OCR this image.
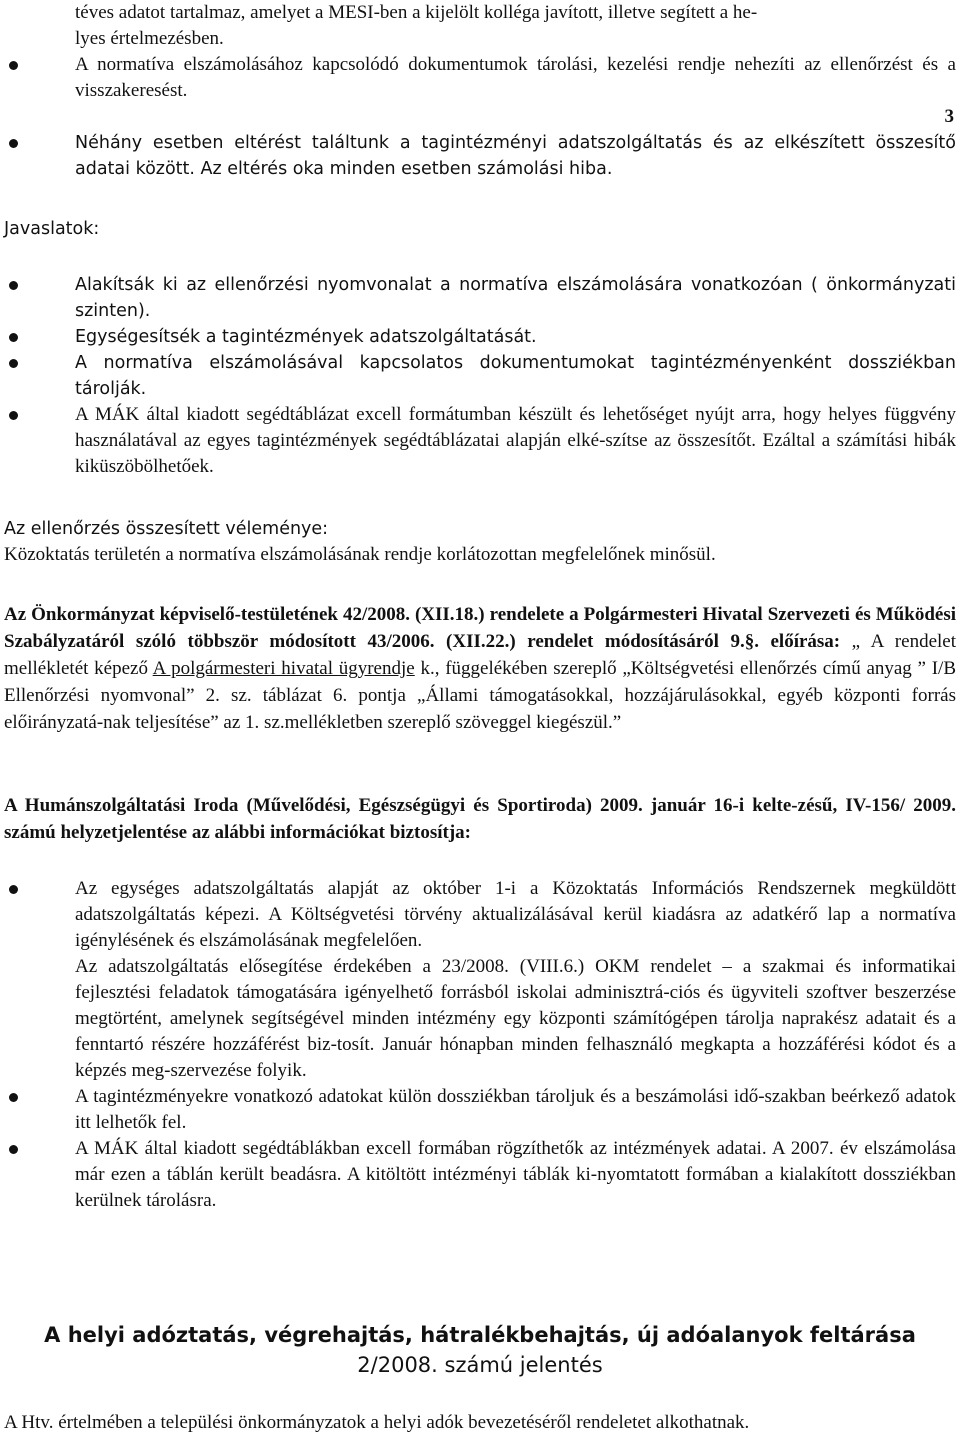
téves adatot tartalmaz, amelyet a MESI-ben a kijelölt kolléga javított, illetve segített a he-
lyes értelmezésben.

A normatíva elszámolásához kapcsolódó dokumentumok tárolási, kezelési rendje nehezíti az ellenőrzést és a visszakeresést.

3

Néhány esetben eltérést találtunk a tagintézményi adatszolgáltatás és az elkészített összesítő adatai között. Az eltérés oka minden esetben számolási hiba.

Javaslatok:

Alakítsák ki az ellenőrzési nyomvonalat a normatíva elszámolására vonatkozóan ( önkormányzati szinten).

Egységesítsék a tagintézmények adatszolgáltatását.

A normatíva elszámolásával kapcsolatos dokumentumokat tagintézményenként dossziékban tárolják.

A MÁK által kiadott segédtáblázat excell formátumban készült és lehetőséget nyújt arra, hogy helyes függvény használatával az egyes tagintézmények segédtáblázatai alapján elké-szítse az összesítőt. Ezáltal a számítási hibák kiküszöbölhetőek.

Az ellenőrzés összesített véleménye:

Közoktatás területén a normatíva elszámolásának rendje korlátozottan megfelelőnek minősül.

Az Önkormányzat képviselő-testületének 42/2008. (XII.18.) rendelete a Polgármesteri Hivatal Szervezeti és Működési Szabályzatáról szóló többször módosított 43/2006. (XII.22.) rendelet módosításáról 9.§. előírása: „ A rendelet mellékletét képező A polgármesteri hivatal ügyrendje k., függelékében szereplő „Költségvetési ellenőrzés című anyag ” I/B Ellenőrzési nyomvonal” 2. sz. táblázat 6. pontja „Állami támogatásokkal, hozzájárulásokkal, egyéb központi forrás előirányzatá-nak teljesítése” az 1. sz.mellékletben szereplő szöveggel kiegészül.”

A Humánszolgáltatási Iroda (Művelődési, Egészségügyi és Sportiroda) 2009. január 16-i kelte-zésű, IV-156/ 2009. számú helyzetjelentése az alábbi információkat biztosítja:

Az egységes adatszolgáltatás alapját az október 1-i a Közoktatás Információs Rendszernek megküldött adatszolgáltatás képezi. A Költségvetési törvény aktualizálásával kerül kiadásra az adatkérő lap a normatíva igénylésének és elszámolásának megfelelően.

Az adatszolgáltatás elősegítése érdekében a 23/2008. (VIII.6.) OKM rendelet – a szakmai és informatikai fejlesztési feladatok támogatására igényelhető forrásból iskolai adminisztrá-ciós és ügyviteli szoftver beszerzése megtörtént, amelynek segítségével minden intézmény egy központi számítógépen tárolja naprakész adatait és a fenntartó részére hozzáférést biz-tosít. Január hónapban minden felhasználó megkapta a hozzáférési kódot és a képzés meg-szervezése folyik.

A tagintézményekre vonatkozó adatokat külön dossziékban tároljuk és a beszámolási idő-szakban beérkező adatok itt lelhetők fel.

A MÁK által kiadott segédtáblákban excell formában rögzíthetők az intézmények adatai. A 2007. év elszámolása már ezen a táblán került beadásra. A kitöltött intézményi táblák ki-nyomtatott formában a kialakított dossziékban kerülnek tárolásra.

A helyi adóztatás, végrehajtás, hátralékbehajtás, új adóalanyok feltárása

2/2008. számú jelentés

A Htv. értelmében a települési önkormányzatok a helyi adók bevezetéséről rendeletet alkothatnak.
